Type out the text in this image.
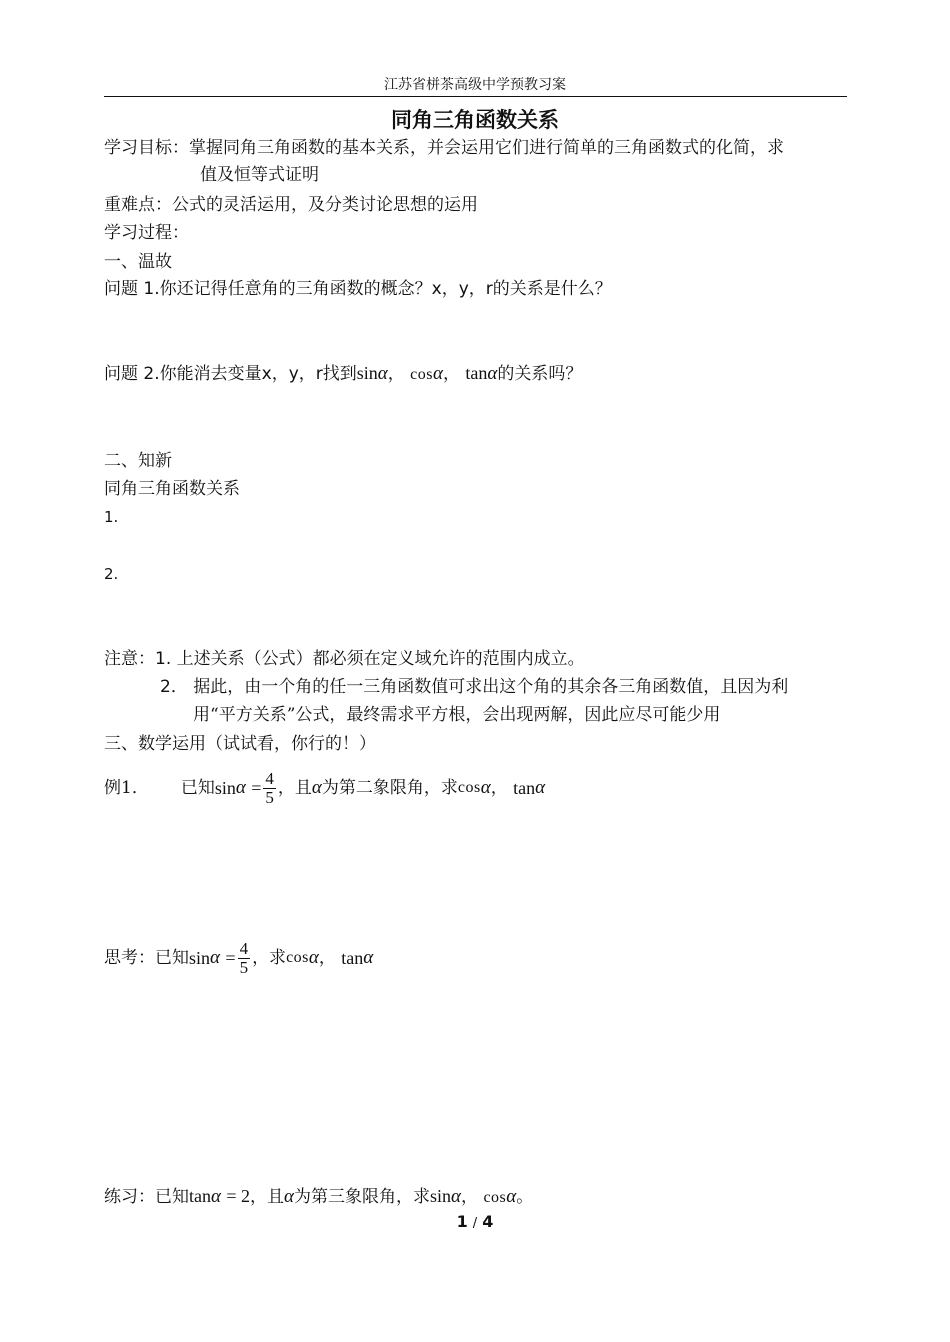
江苏省栟茶高级中学预教习案
同角三角函数关系
学习目标：掌握同角三角函数的基本关系，并会运用它们进行简单的三角函数式的化简，求
值及恒等式证明
重难点：公式的灵活运用，及分类讨论思想的运用
学习过程：
一、温故
问题 1.你还记得任意角的三角函数的概念？x，y，r的关系是什么？
问题 2.你能消去变量x，y，r找到sinα， cosα， tanα的关系吗？
二、知新
同角三角函数关系
1.
2.
注意：1. 上述关系（公式）都必须在定义域允许的范围内成立。
2． 据此，由一个角的任一三角函数值可求出这个角的其余各三角函数值，且因为利
用“平方关系”公式，最终需求平方根，会出现两解，因此应尽可能少用
三、数学运用（试试看，你行的！）
例1． 已知 sin α
= $\frac{4}{5}$ ，且 α 为第二象限角，求 cos α ，
tan α
思考： 已知 sin α
= $\frac{4}{5}$ ，求 cos α ，
tan α
练习：已知tanα = 2，且α为第三象限角，求sinα， cosα。
1 / 4
